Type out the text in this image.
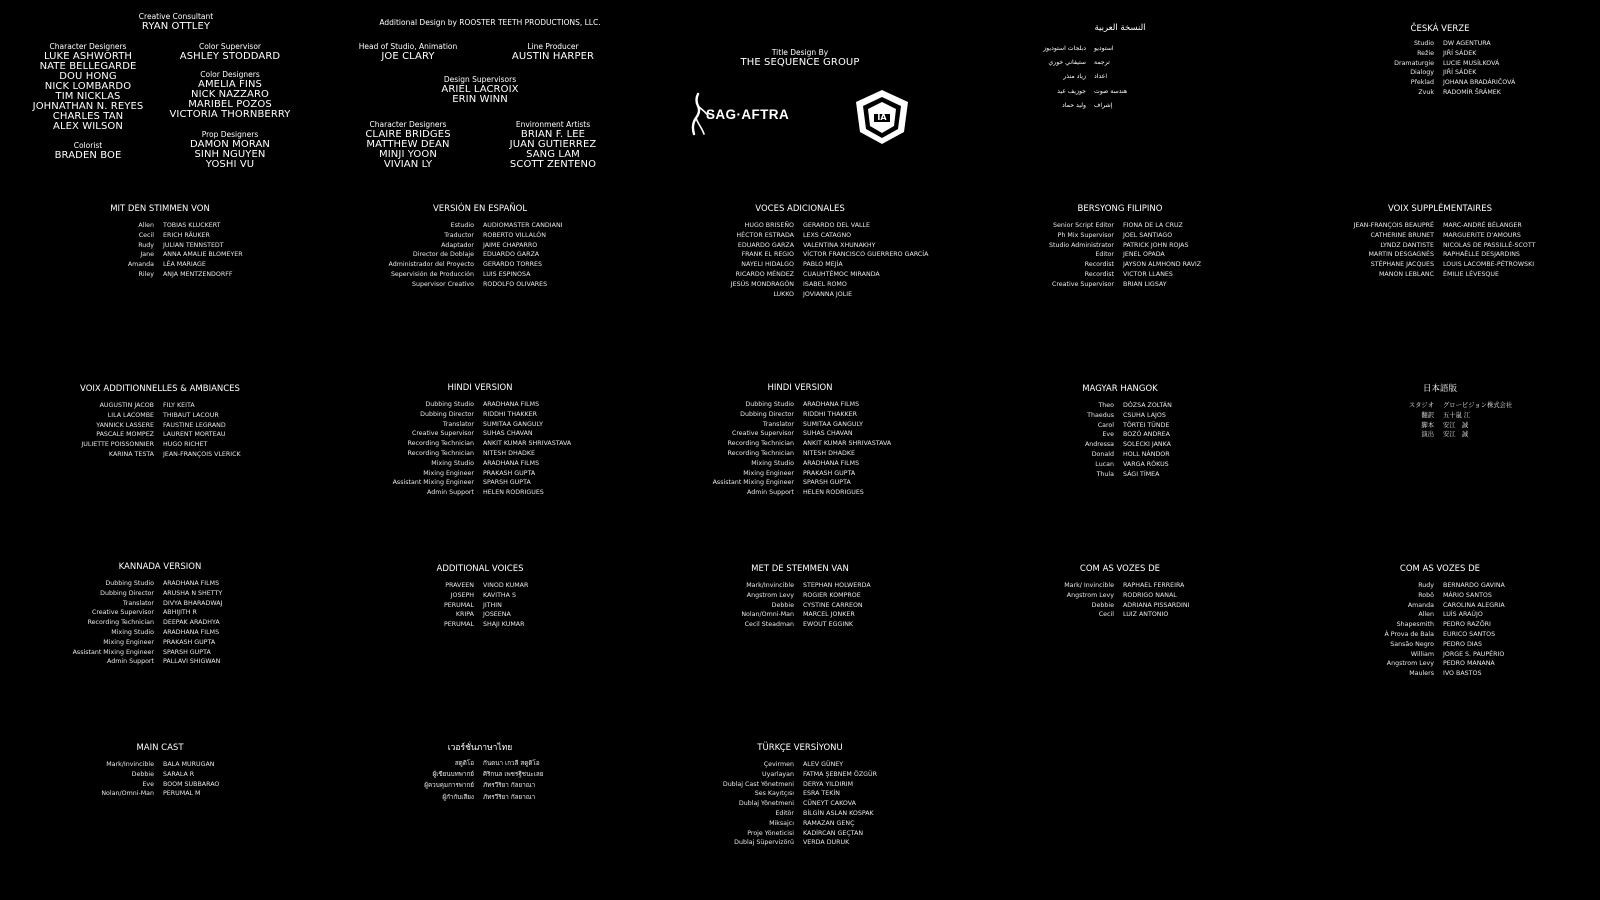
Creative Consultant
RYAN OTTLEY
Character Designers
LUKE ASHWORTH
NATE BELLEGARDE
DOU HONG
NICK LOMBARDO
TIM NICKLAS
JOHNATHAN N. REYES
CHARLES TAN
ALEX WILSON
Colorist
BRADEN BOE
Color Supervisor
ASHLEY STODDARD
Color Designers
AMELIA FINS
NICK NAZZARO
MARIBEL POZOS
VICTORIA THORNBERRY
Prop Designers
DAMON MORAN
SINH NGUYEN
YOSHI VU
Additional Design by ROOSTER TEETH PRODUCTIONS, LLC.
Head of Studio, Animation
JOE CLARY
Line Producer
AUSTIN HARPER
Design Supervisors
ARIEL LACROIX
ERIN WINN
Character Designers
CLAIRE BRIDGES
MATTHEW DEAN
MINJI YOON
VIVIAN LY
Environment Artists
BRIAN F. LEE
JUAN GUTIERREZ
SANG LAM
SCOTT ZENTENO
Title Design By
THE SEQUENCE GROUP
SAG·AFTRA	IA
النسخة العربية
دبلجات استوديوز	استوديو
ستيفاني خوري	ترجمة
زياد منذر	اعداد
جوزيف عيد	هندسة صوت
وليد حماد	إشراف
ČESKÁ VERZE
Studio	DW AGENTURA
Režie	JIŘÍ SÁDEK
Dramaturgie	LUCIE MUSÍLKOVÁ
Dialogy	JIŘÍ SÁDEK
Překlad	JOHANA BRADÁRIČOVÁ
Zvuk	RADOMÍR ŠRÁMEK
MIT DEN STIMMEN VON
Allen	TOBIAS KLUCKERT
Cecil	ERICH RÄUKER
Rudy	JULIAN TENNSTEDT
Jane	ANNA AMALIE BLOMEYER
Amanda	LÉA MARIAGE
Riley	ANJA MENTZENDORFF
VERSIÓN EN ESPAÑOL
Estudio	AUDIOMASTER CANDIANI
Traductor	ROBERTO VILLALÓN
Adaptador	JAIME CHAPARRO
Director de Doblaje	EDUARDO GARZA
Administrador del Proyecto	GERARDO TORRES
Sepervisión de Producción	LUIS ESPINOSA
Supervisor Creativo	RODOLFO OLIVARES
VOCES ADICIONALES
HUGO BRISEÑO	GERARDO DEL VALLE
HÉCTOR ESTRADA	LEXS CATAGNO
EDUARDO GARZA	VALENTINA XHUNAKHY
FRANK EL REGIO	VÍCTOR FRANCISCO GUERRERO GARCÍA
NAYELI HIDALGO	PABLO MEJÍA
RICARDO MÉNDEZ	CUAUHTÉMOC MIRANDA
JESÚS MONDRAGÓN	ISABEL ROMO
LUKKO	JOVIANNA JOLIE
BERSYONG FILIPINO
Senior Script Editor	FIONA DE LA CRUZ
Ph Mix Supervisor	JOEL SANTIAGO
Studio Administrator	PATRICK JOHN ROJAS
Editor	JENEL OPADA
Recordist	JAYSON ALMHOND RAVIZ
Recordist	VICTOR LLANES
Creative Supervisor	BRIAN LIGSAY
VOIX SUPPLÉMENTAIRES
JEAN-FRANÇOIS BEAUPRÉ	MARC-ANDRÉ BÉLANGER
CATHERINE BRUNET	MARGUERITE D'AMOURS
LYNDZ DANTISTE	NICOLAS DE PASSILLÉ-SCOTT
MARTIN DESGAGNÉS	RAPHAËLLE DESJARDINS
STÉPHANE JACQUES	LOUIS LACOMBE-PÉTROWSKI
MANON LEBLANC	ÉMILIE LÉVESQUE
VOIX ADDITIONNELLES & AMBIANCES
AUGUSTIN JACOB	FILY KEITA
LILA LACOMBE	THIBAUT LACOUR
YANNICK LASSERE	FAUSTINE LEGRAND
PASCALE MOMPEZ	LAURENT MORTEAU
JULIETTE POISSONNIER	HUGO RICHET
KARINA TESTA	JEAN-FRANÇOIS VLERICK
HINDI VERSION
Dubbing Studio	ARADHANA FILMS
Dubbing Director	RIDDHI THAKKER
Translator	SUMITAA GANGULY
Creative Supervisor	SUHAS CHAVAN
Recording Technician	ANKIT KUMAR SHRIVASTAVA
Recording Technician	NITESH DHADKE
Mixing Studio	ARADHANA FILMS
Mixing Engineer	PRAKASH GUPTA
Assistant Mixing Engineer	SPARSH GUPTA
Admin Support	HELEN RODRIGUES
HINDI VERSION
Dubbing Studio	ARADHANA FILMS
Dubbing Director	RIDDHI THAKKER
Translator	SUMITAA GANGULY
Creative Supervisor	SUHAS CHAVAN
Recording Technician	ANKIT KUMAR SHRIVASTAVA
Recording Technician	NITESH DHADKE
Mixing Studio	ARADHANA FILMS
Mixing Engineer	PRAKASH GUPTA
Assistant Mixing Engineer	SPARSH GUPTA
Admin Support	HELEN RODRIGUES
MAGYAR HANGOK
Theo	DÓZSA ZOLTÁN
Thaedus	CSUHA LAJOS
Carol	TÖRTEI TÜNDE
Eve	BOZÓ ANDREA
Andressa	SOLECKI JANKA
Donald	HOLL NÁNDOR
Lucan	VARGA RÓKUS
Thula	SÁGI TÍMEA
日本語版
スタジオ	グロービジョン株式会社
翻訳	五十嵐 江
脚本	安江　誠
演出	安江　誠
KANNADA VERSION
Dubbing Studio	ARADHANA FILMS
Dubbing Director	ARUSHA N SHETTY
Translator	DIVYA BHARADWAJ
Creative Supervisor	ABHIJITH R
Recording Technician	DEEPAK ARADHYA
Mixing Studio	ARADHANA FILMS
Mixing Engineer	PRAKASH GUPTA
Assistant Mixing Engineer	SPARSH GUPTA
Admin Support	PALLAVI SHIGWAN
ADDITIONAL VOICES
PRAVEEN	VINOD KUMAR
JOSEPH	KAVITHA S
PERUMAL	JITHIN
KRIPA	JOSEENA
PERUMAL	SHAJI KUMAR
MET DE STEMMEN VAN
Mark/Invincible	STEPHAN HOLWERDA
Angstrom Levy	ROGIER KOMPROE
Debbie	CYSTINE CARREON
Nolan/Omni-Man	MARCEL JONKER
Cecil Steadman	EWOUT EGGINK
COM AS VOZES DE
Mark/ Invincible	RAPHAEL FERREIRA
Angstrom Levy	RODRIGO NANAL
Debbie	ADRIANA PISSARDINI
Cecil	LUIZ ANTONIO
COM AS VOZES DE
Rudy	BERNARDO GAVINA
Robô	MÁRIO SANTOS
Amanda	CAROLINA ALEGRIA
Allen	LUÍS ARAÚJO
Shapesmith	PEDRO RAZÕRI
À Prova de Bala	EURICO SANTOS
Sansão Negro	PEDRO DIAS
William	JORGE S. PAUPÉRIO
Angstrom Levy	PEDRO MANANA
Maulers	IVO BASTOS
MAIN CAST
Mark/Invincible	BALA MURUGAN
Debbie	SARALA R
Eve	BOOM SUBBARAO
Nolan/Omni-Man	PERUMAL M
เวอร์ชั่นภาษาไทย
สตูดิโอ	กันดนา เกวลี สตูดิโอ
ผู้เขียนบทพากย์	ศิริกนล เพชรฐีชนะเลย
ผู้ควบคุมการพากย์	ภัทรวีริยา กัลยาณา
ผู้กำกับเสียง	ภัทรวีริยา กัลยาณา
TÜRKÇE VERSİYONU
Çevirmen	ALEV GÜNEY
Uyarlayan	FATMA ŞEBNEM ÖZGÜR
Dublaj Cast Yönetmeni	DERYA YILDIRIM
Ses Kayıtçısı	ESRA TEKİN
Dublaj Yönetmeni	CÜNEYT CAKOVA
Editör	BİLGİN ASLAN KOSPAK
Miksajcı	RAMAZAN GENÇ
Proje Yöneticisi	KADİRCAN GEÇTAN
Dublaj Süpervizörü	VERDA DURUK
